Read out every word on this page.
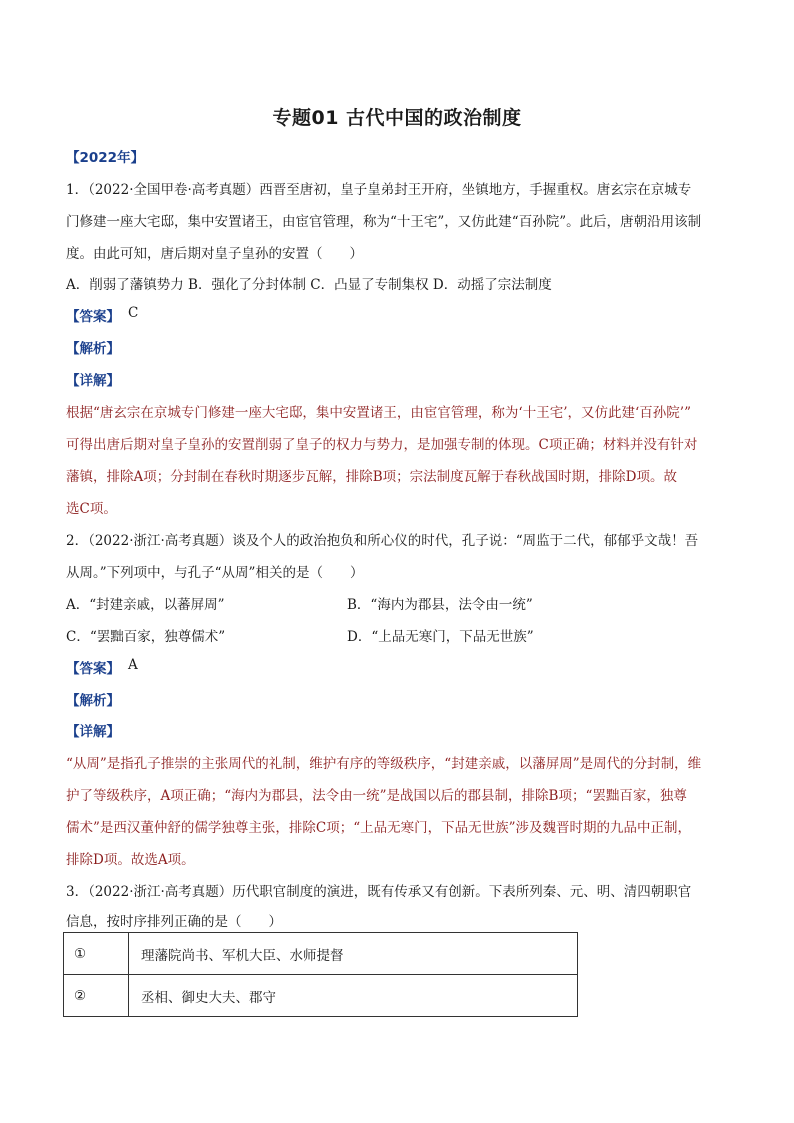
专题01 古代中国的政治制度
【2022年】
1．（2022·全国甲卷·高考真题）西晋至唐初，皇子皇弟封王开府，坐镇地方，手握重权。唐玄宗在京城专
门修建一座大宅邸，集中安置诸王，由宦官管理，称为“十王宅”，又仿此建“百孙院”。此后，唐朝沿用该制
度。由此可知，唐后期对皇子皇孙的安置（　　）
A．削弱了藩镇势力 B．强化了分封体制 C．凸显了专制集权 D．动摇了宗法制度
【答案】 C
【解析】
【详解】
根据“唐玄宗在京城专门修建一座大宅邸，集中安置诸王，由宦官管理，称为‘十王宅’，又仿此建‘百孙院’”
可得出唐后期对皇子皇孙的安置削弱了皇子的权力与势力，是加强专制的体现。C项正确；材料并没有针对
藩镇，排除A项；分封制在春秋时期逐步瓦解，排除B项；宗法制度瓦解于春秋战国时期，排除D项。故
选C项。
2．（2022·浙江·高考真题）谈及个人的政治抱负和所心仪的时代，孔子说：“周监于二代，郁郁乎文哉！吾
从周。”下列项中，与孔子“从周”相关的是（　　）
A．“封建亲戚，以蕃屏周”	B．“海内为郡县，法令由一统”
C．“罢黜百家，独尊儒术”	D．“上品无寒门，下品无世族”
【答案】 A
【解析】
【详解】
“从周”是指孔子推崇的主张周代的礼制，维护有序的等级秩序，“封建亲戚，以藩屏周”是周代的分封制，维
护了等级秩序，A项正确；“海内为郡县，法令由一统”是战国以后的郡县制，排除B项；“罢黜百家，独尊
儒术”是西汉董仲舒的儒学独尊主张，排除C项；“上品无寒门，下品无世族”涉及魏晋时期的九品中正制，
排除D项。故选A项。
3．（2022·浙江·高考真题）历代职官制度的演进，既有传承又有创新。下表所列秦、元、明、清四朝职官
信息，按时序排列正确的是（　　）
①	理藩院尚书、军机大臣、水师提督
②	丞相、御史大夫、郡守
